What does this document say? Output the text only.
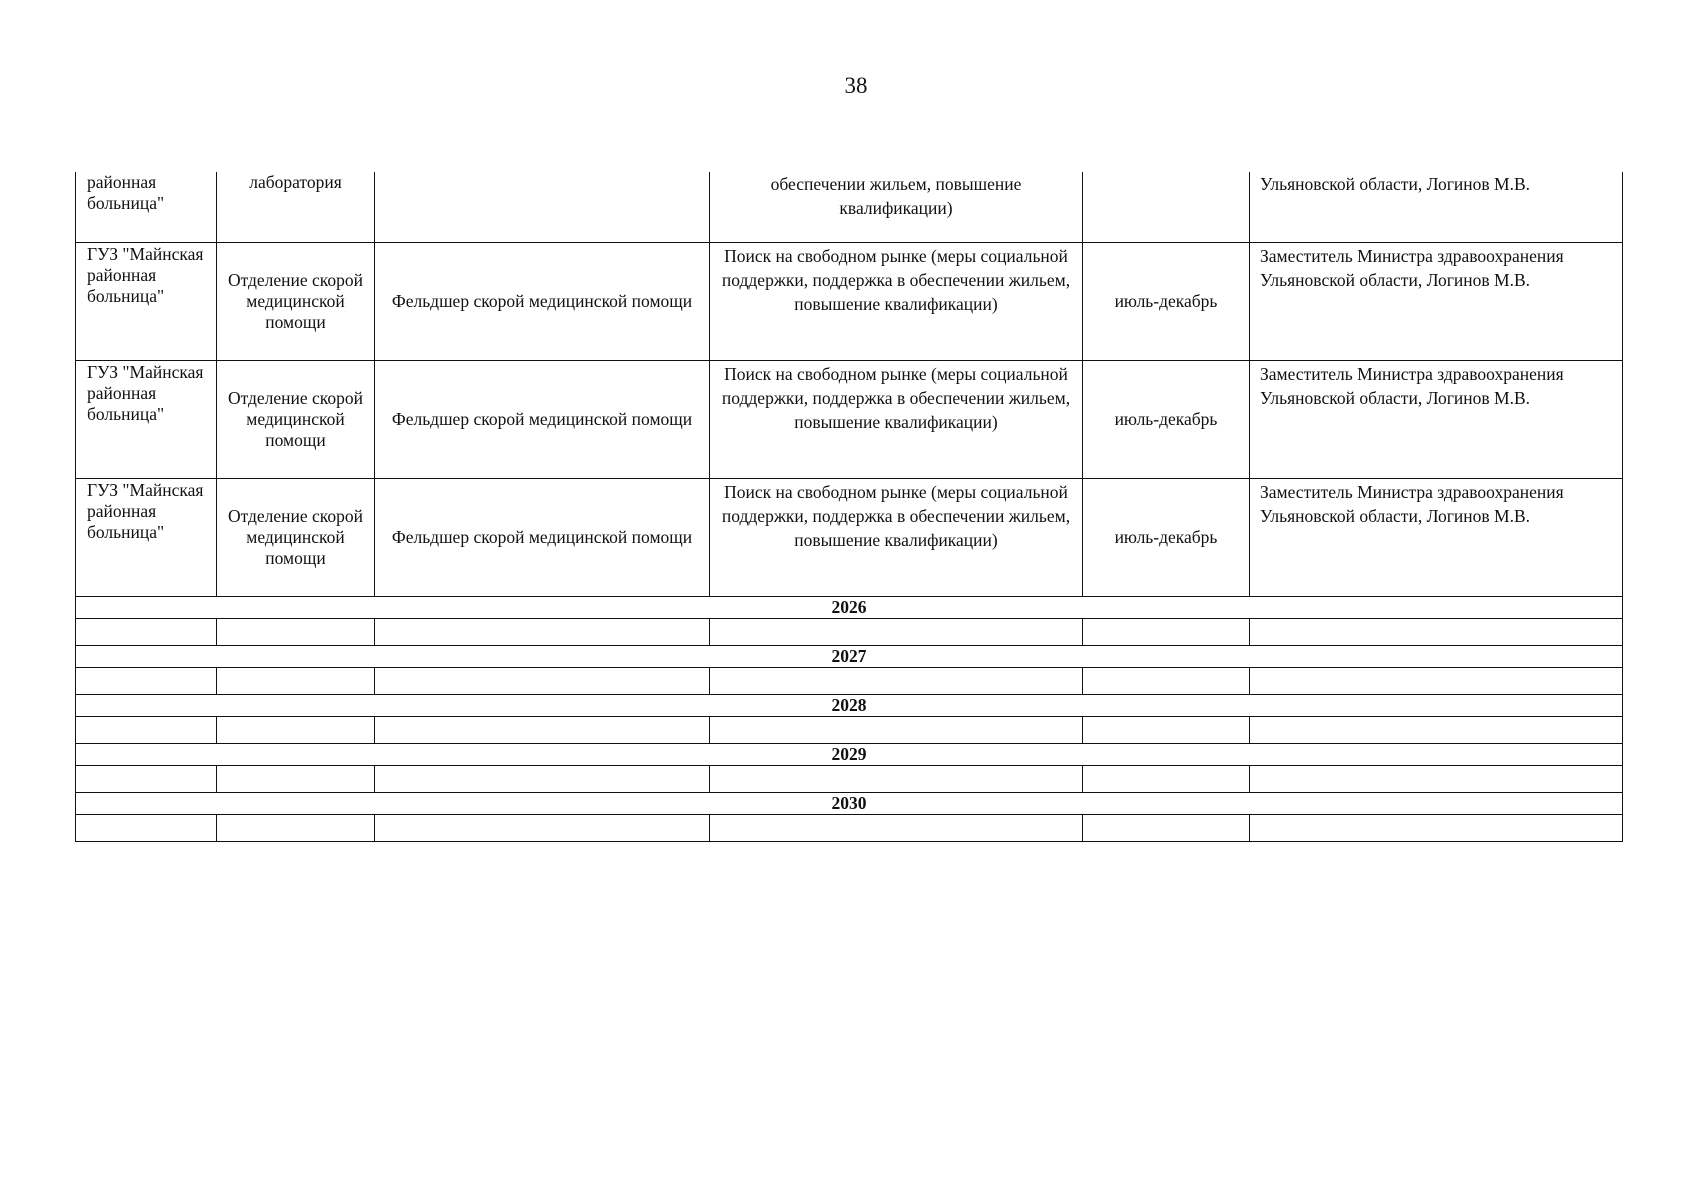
38
районная больница"	лаборатория		обеспечении жильем, повышение квалификации)		Ульяновской области, Логинов М.В.
ГУЗ "Майнская районная больница"	Отделение скорой медицинской помощи	Фельдшер скорой медицинской помощи	Поиск на свободном рынке (меры социальной поддержки, поддержка в обеспечении жильем, повышение квалификации)	июль-декабрь	Заместитель Министра здравоохранения Ульяновской области, Логинов М.В.
ГУЗ "Майнская районная больница"	Отделение скорой медицинской помощи	Фельдшер скорой медицинской помощи	Поиск на свободном рынке (меры социальной поддержки, поддержка в обеспечении жильем, повышение квалификации)	июль-декабрь	Заместитель Министра здравоохранения Ульяновской области, Логинов М.В.
ГУЗ "Майнская районная больница"	Отделение скорой медицинской помощи	Фельдшер скорой медицинской помощи	Поиск на свободном рынке (меры социальной поддержки, поддержка в обеспечении жильем, повышение квалификации)	июль-декабрь	Заместитель Министра здравоохранения Ульяновской области, Логинов М.В.
2026					

2027					

2028					

2029					

2030					
